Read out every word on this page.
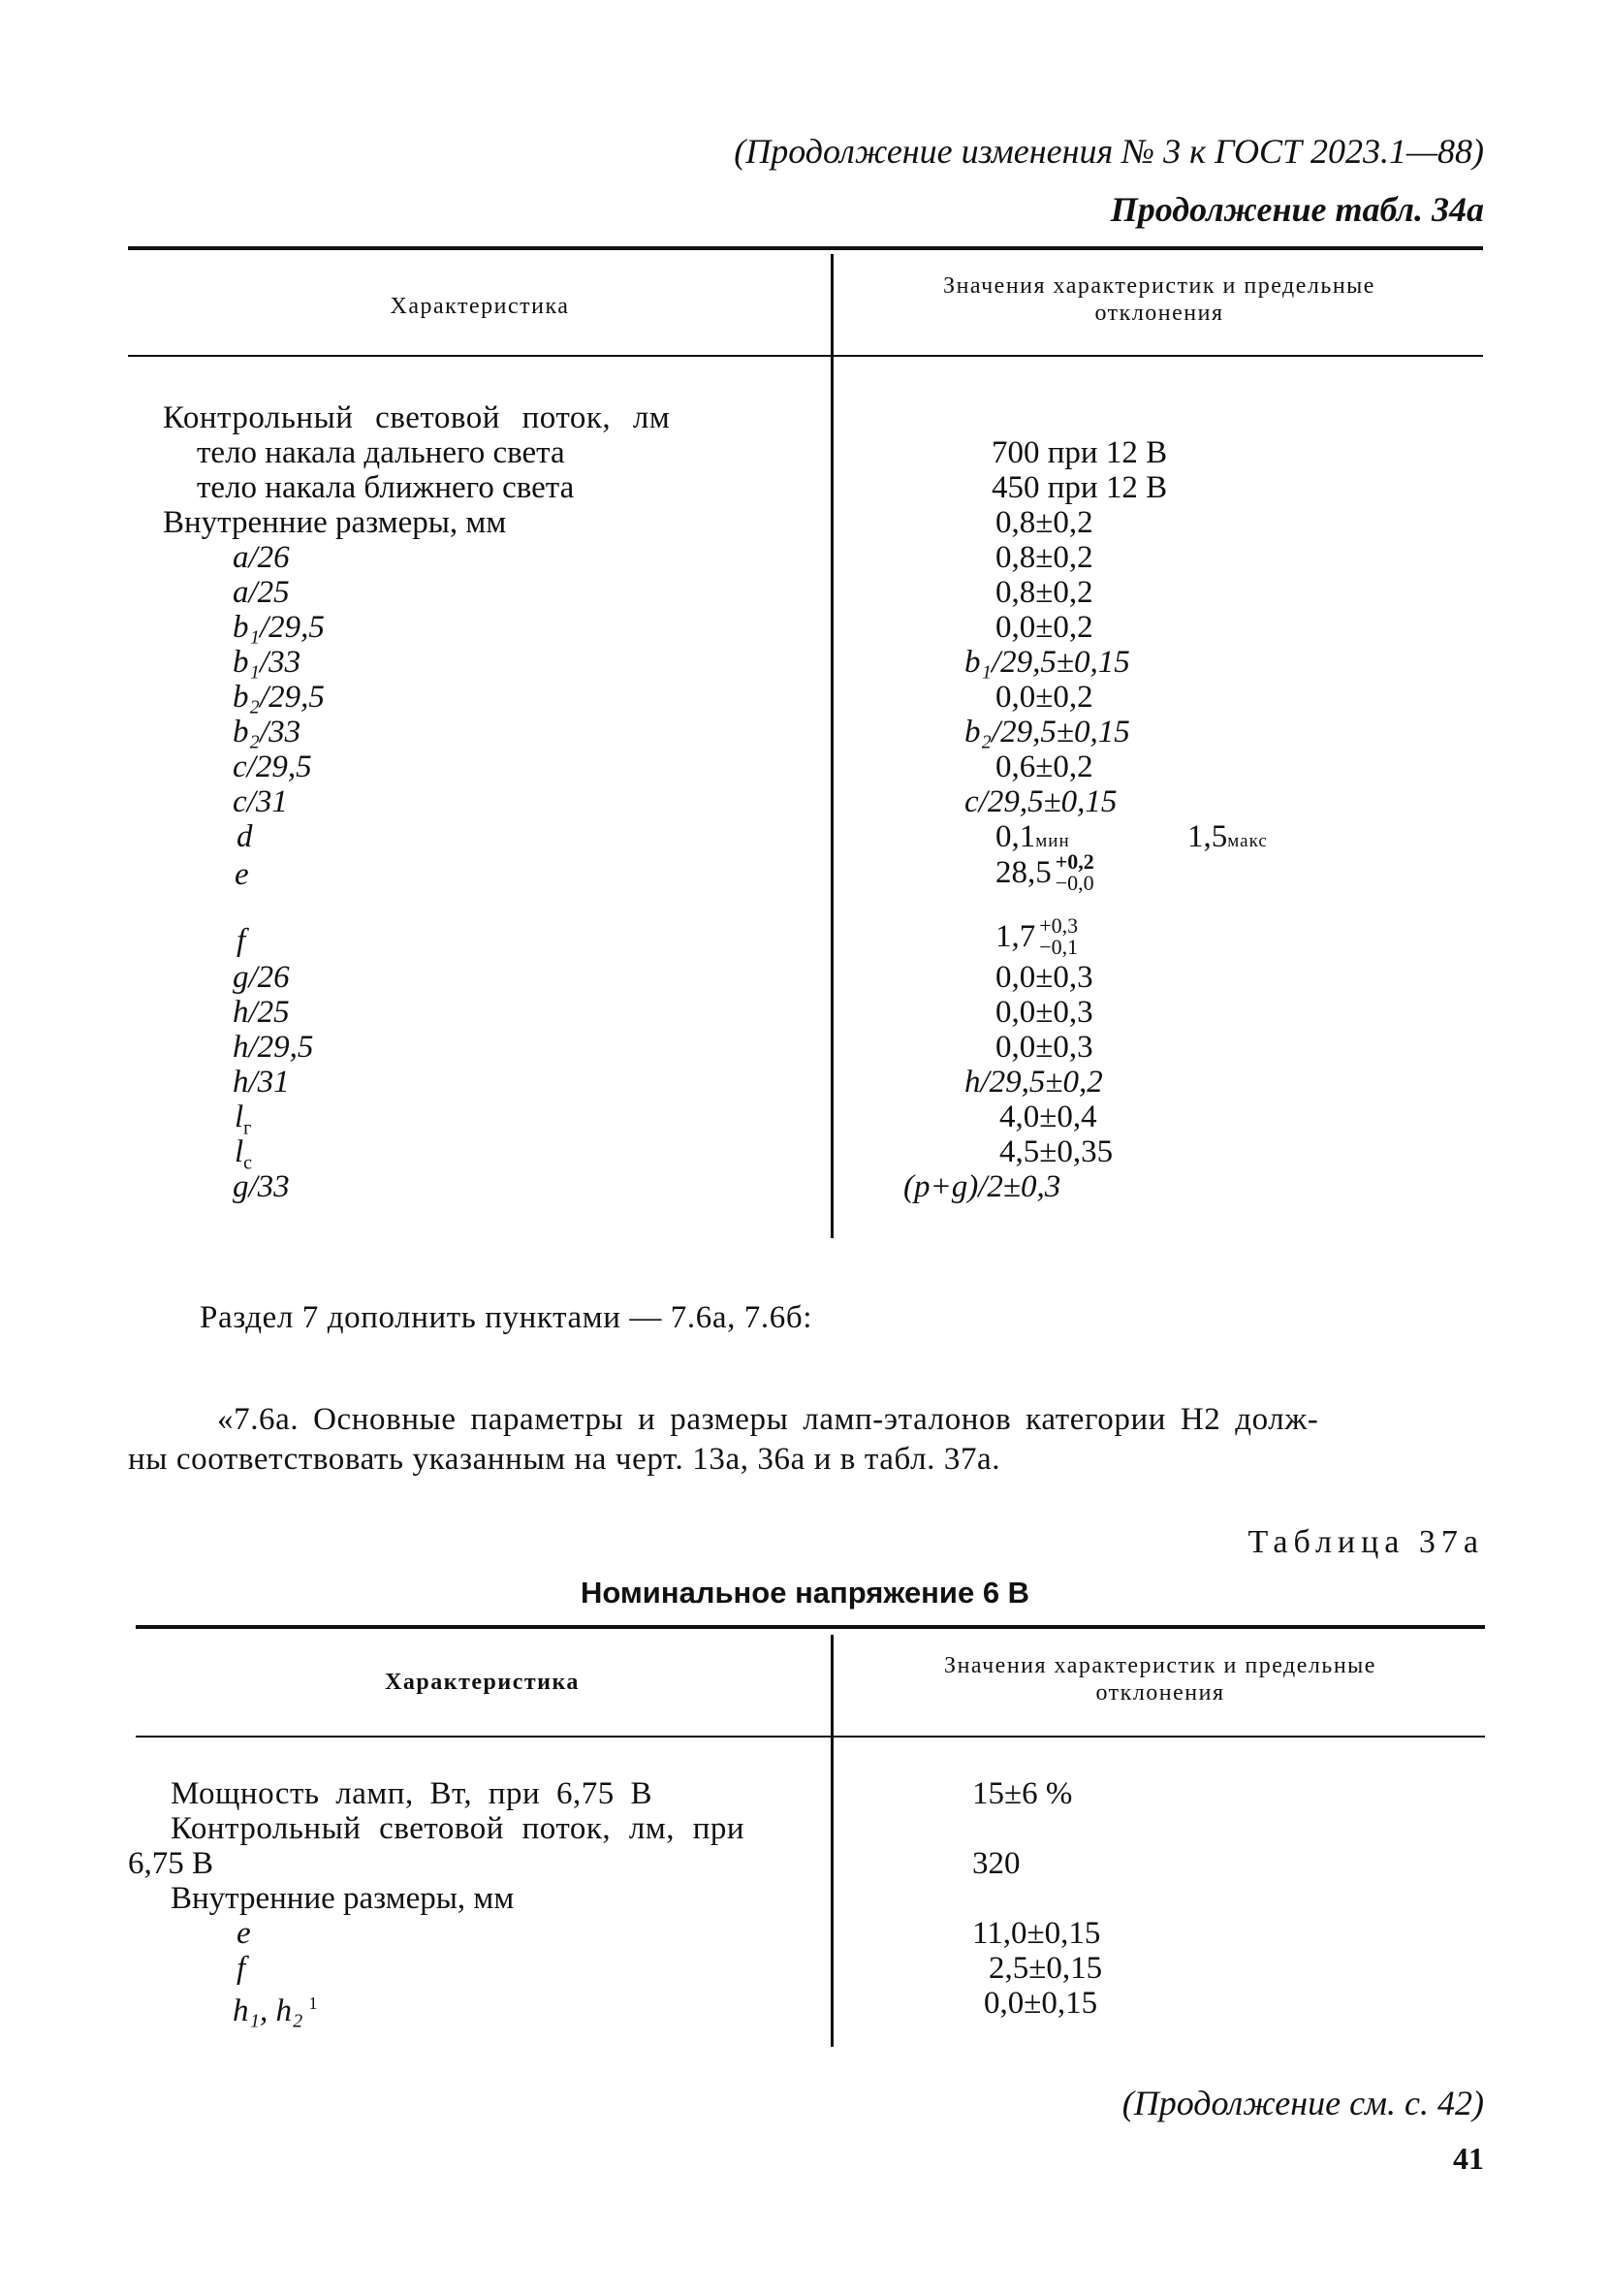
(Продолжение изменения № 3 к ГОСТ 2023.1—88)
Продолжение табл. 34а
Характеристика
Значения характеристик и предельные
отклонения
Контрольный световой поток, лм
тело накала дальнего света	700 при 12 В
тело накала ближнего света	450 при 12 В
Внутренние размеры, мм	0,8±0,2
a/26	0,8±0,2
a/25	0,8±0,2
b₁/29,5	0,0±0,2
b₁/33	b₁/29,5±0,15
b₂/29,5	0,0±0,2
b₂/33	b₂/29,5±0,15
c/29,5	0,6±0,2
c/31	c/29,5±0,15
d	0,1мин	1,5макс
e	28,5 +0,2
−0,0
f	1,7 +0,3
−0,1
g/26	0,0±0,3
h/25	0,0±0,3
h/29,5	0,0±0,3
h/31	h/29,5±0,2
$l_г$	4,0±0,4
$l_с$	4,5±0,35
g/33	(p+g)/2±0,3
Раздел 7 дополнить пунктами — 7.6а, 7.6б:
«7.6а. Основные параметры и размеры ламп-эталонов категории Н2 долж-
ны соответствовать указанным на черт. 13а, 36а и в табл. 37а.
Таблица 37а
Номинальное напряжение 6 В
Характеристика
Значения характеристик и предельные
отклонения
Мощность ламп, Вт, при 6,75 В	15±6 %
Контрольный световой поток, лм, при
6,75 В	320
Внутренние размеры, мм
e	11,0±0,15
f	2,5±0,15
h₁, h₂ $^1$	0,0±0,15
(Продолжение см. с. 42)
41
